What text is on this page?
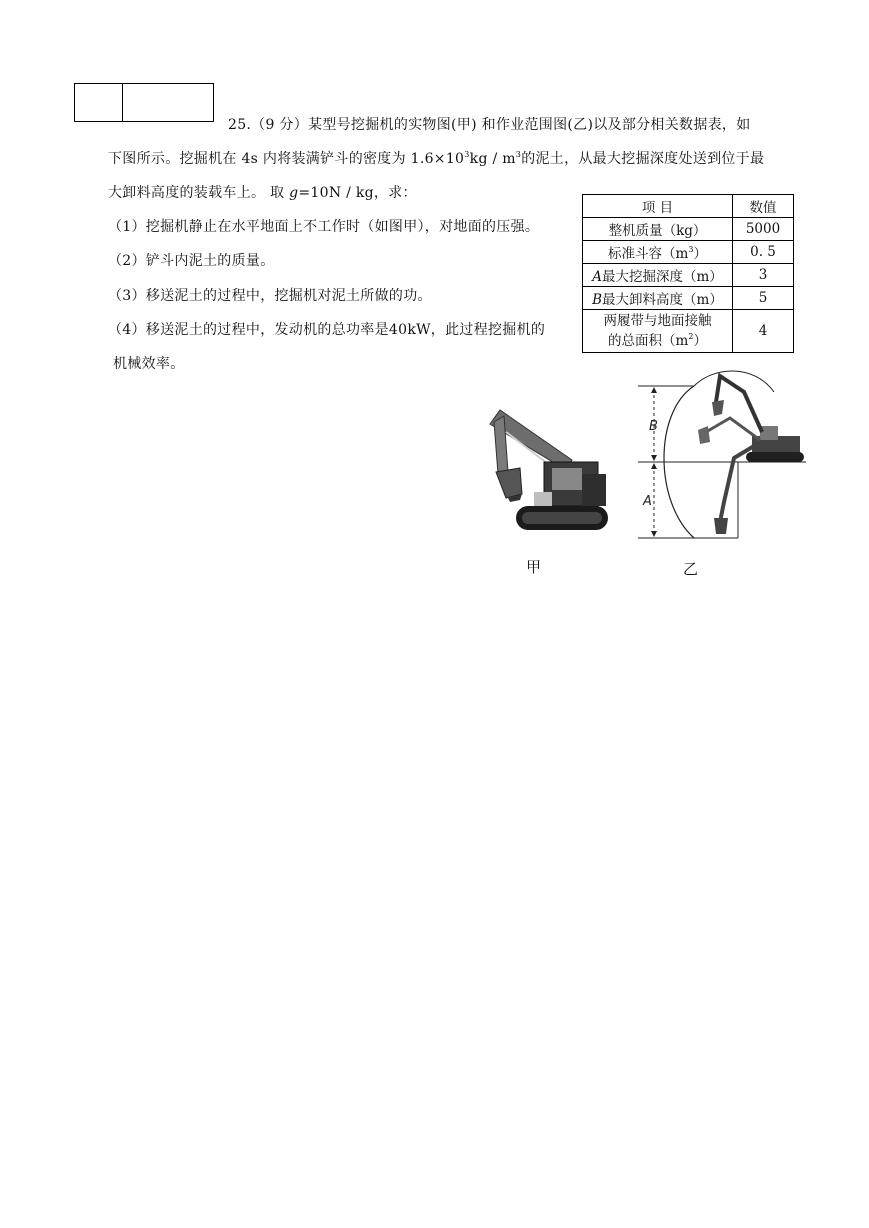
25.（9 分）某型号挖掘机的实物图(甲) 和作业范围图(乙)以及部分相关数据表，如
下图所示。挖掘机在 4s 内将装满铲斗的密度为 $1.6\times 10^3kg / m^3$的泥土，从最大挖掘深度处送到位于最
大卸料高度的装载车上。 取 g=10N / kg，求：
（1）挖掘机静止在水平地面上不工作时（如图甲），对地面的压强。
（2）铲斗内泥土的质量。
（3）移送泥土的过程中，挖掘机对泥土所做的功。
（4）移送泥土的过程中，发动机的总功率是40kW，此过程挖掘机的
机械效率。
项 目	数值
整机质量（kg）	5000
标准斗容$(m^3)$	0. 5
A最大挖掘深度（m）	3
B最大卸料高度（m）	5
两履带与地面接触
的总面积$(m^2)$	4
甲
B
A
乙
